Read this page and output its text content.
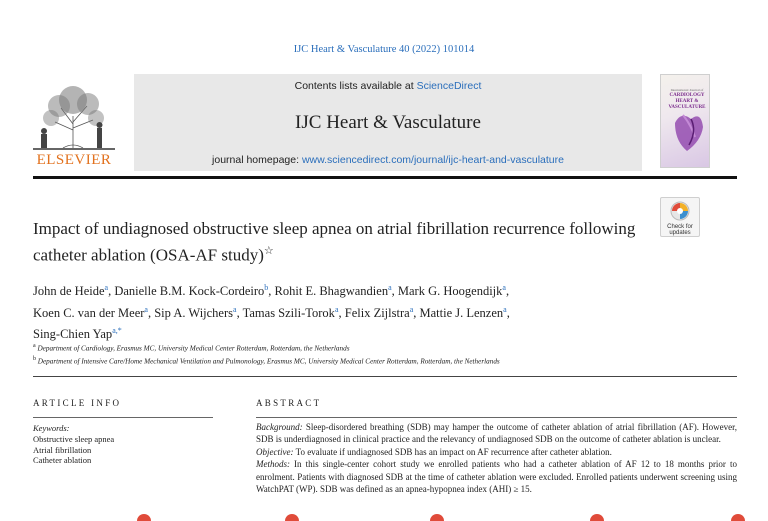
IJC Heart & Vasculature 40 (2022) 101014
ELSEVIER
Contents lists available at ScienceDirect
IJC Heart & Vasculature
journal homepage: www.sciencedirect.com/journal/ijc-heart-and-vasculature
International Journal of
CARDIOLOGY HEART & VASCULATURE
Check for
updates
Impact of undiagnosed obstructive sleep apnea on atrial fibrillation recurrence following catheter ablation (OSA-AF study)☆
John de Heide$^a$, Danielle B.M. Kock-Cordeiro$^b$, Rohit E. Bhagwandien$^a$, Mark G. Hoogendijk$^a$,
Koen C. van der Meer$^a$, Sip A. Wijchers$^a$, Tamas Szili-Torok$^a$, Felix Zijlstra$^a$, Mattie J. Lenzen$^a$,
Sing-Chien Yap$^{a,*}$
$^a$ Department of Cardiology, Erasmus MC, University Medical Center Rotterdam, Rotterdam, the Netherlands
$^b$ Department of Intensive Care/Home Mechanical Ventilation and Pulmonology, Erasmus MC, University Medical Center Rotterdam, Rotterdam, the Netherlands
ARTICLE INFO
Keywords:
Obstructive sleep apnea
Atrial fibrillation
Catheter ablation
ABSTRACT

Background: Sleep-disordered breathing (SDB) may hamper the outcome of catheter ablation of atrial fibrillation (AF). However, SDB is underdiagnosed in clinical practice and the relevancy of undiagnosed SDB on the outcome of catheter ablation is unclear.

Objective: To evaluate if undiagnosed SDB has an impact on AF recurrence after catheter ablation.

Methods: In this single-center cohort study we enrolled patients who had a catheter ablation of AF 12 to 18 months prior to enrolment. Patients with diagnosed SDB at the time of catheter ablation were excluded. Enrolled patients underwent screening using WatchPAT (WP). SDB was defined as an apnea-hypopnea index (AHI) ≥ 15.
